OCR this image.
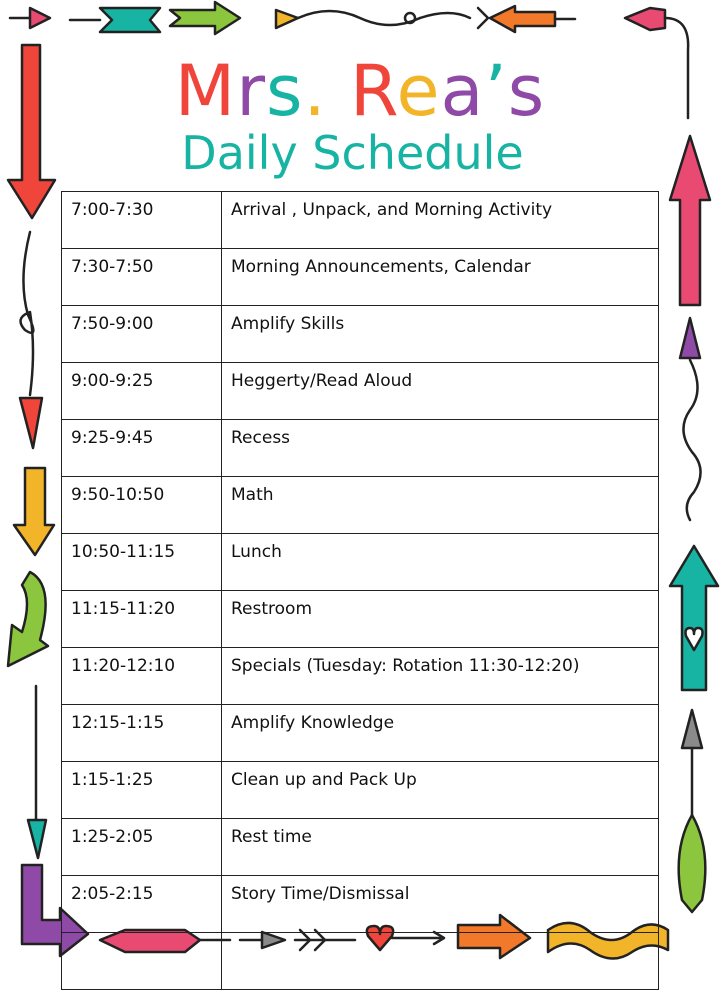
Mrs. Rea’s
Daily Schedule
7:00-7:30	Arrival , Unpack, and Morning Activity
7:30-7:50	Morning Announcements, Calendar
7:50-9:00	Amplify Skills
9:00-9:25	Heggerty/Read Aloud
9:25-9:45	Recess
9:50-10:50	Math
10:50-11:15	Lunch
11:15-11:20	Restroom
11:20-12:10	Specials (Tuesday: Rotation 11:30-12:20)
12:15-1:15	Amplify Knowledge
1:15-1:25	Clean up and Pack Up
1:25-2:05	Rest time
2:05-2:15	Story Time/Dismissal
